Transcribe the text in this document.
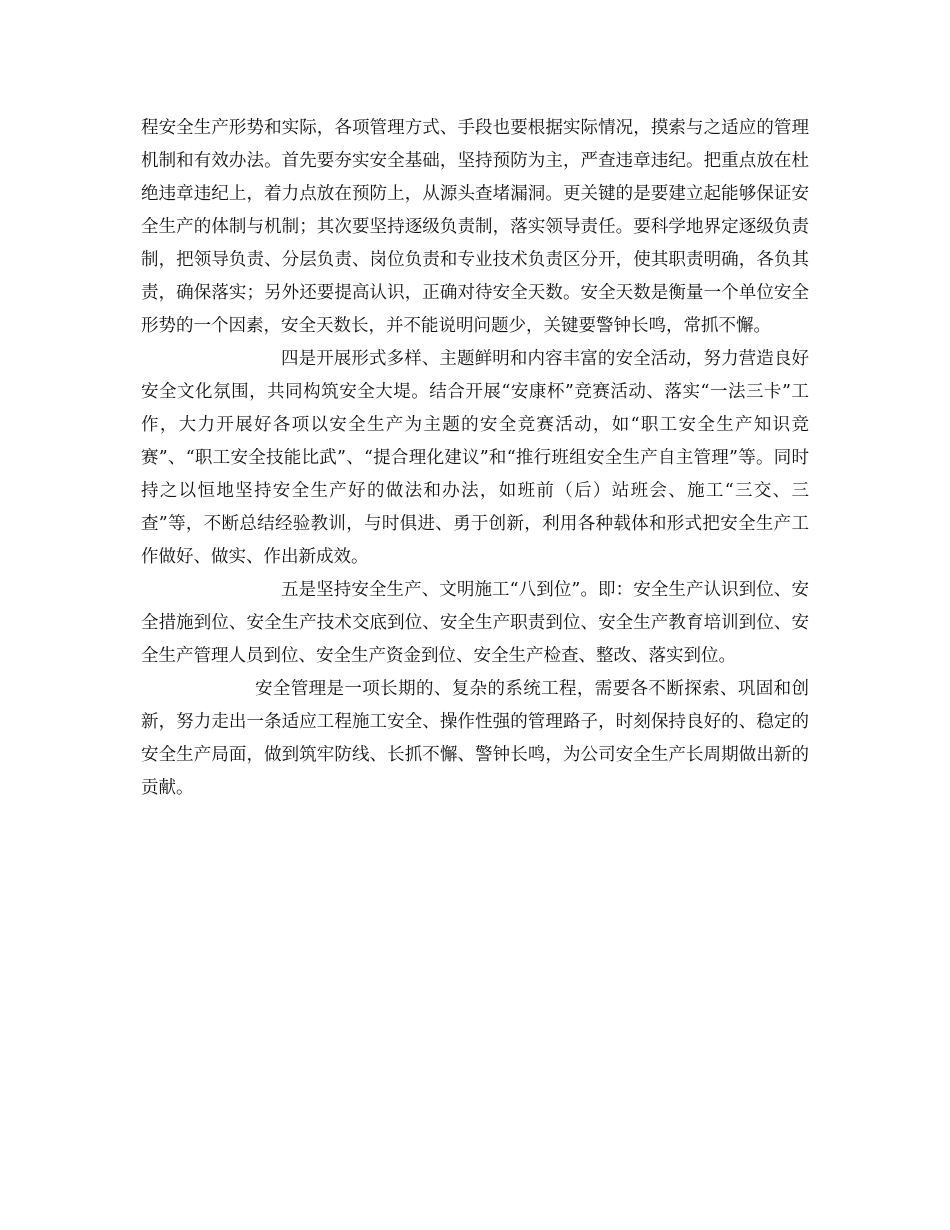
程安全生产形势和实际，各项管理方式、手段也要根据实际情况，摸索与之适应的管理机制和有效办法。首先要夯实安全基础，坚持预防为主，严查违章违纪。把重点放在杜绝违章违纪上，着力点放在预防上，从源头查堵漏洞。更关键的是要建立起能够保证安全生产的体制与机制；其次要坚持逐级负责制，落实领导责任。要科学地界定逐级负责制，把领导负责、分层负责、岗位负责和专业技术负责区分开，使其职责明确，各负其责，确保落实；另外还要提高认识，正确对待安全天数。安全天数是衡量一个单位安全形势的一个因素，安全天数长，并不能说明问题少，关键要警钟长鸣，常抓不懈。

四是开展形式多样、主题鲜明和内容丰富的安全活动，努力营造良好安全文化氛围，共同构筑安全大堤。结合开展“安康杯”竞赛活动、落实“一法三卡”工作，大力开展好各项以安全生产为主题的安全竞赛活动，如“职工安全生产知识竞赛”、“职工安全技能比武”、“提合理化建议”和“推行班组安全生产自主管理”等。同时持之以恒地坚持安全生产好的做法和办法，如班前（后）站班会、施工“三交、三查”等，不断总结经验教训，与时俱进、勇于创新，利用各种载体和形式把安全生产工作做好、做实、作出新成效。

五是坚持安全生产、文明施工“八到位”。即：安全生产认识到位、安全措施到位、安全生产技术交底到位、安全生产职责到位、安全生产教育培训到位、安全生产管理人员到位、安全生产资金到位、安全生产检查、整改、落实到位。

安全管理是一项长期的、复杂的系统工程，需要各不断探索、巩固和创新，努力走出一条适应工程施工安全、操作性强的管理路子，时刻保持良好的、稳定的安全生产局面，做到筑牢防线、长抓不懈、警钟长鸣，为公司安全生产长周期做出新的贡献。
